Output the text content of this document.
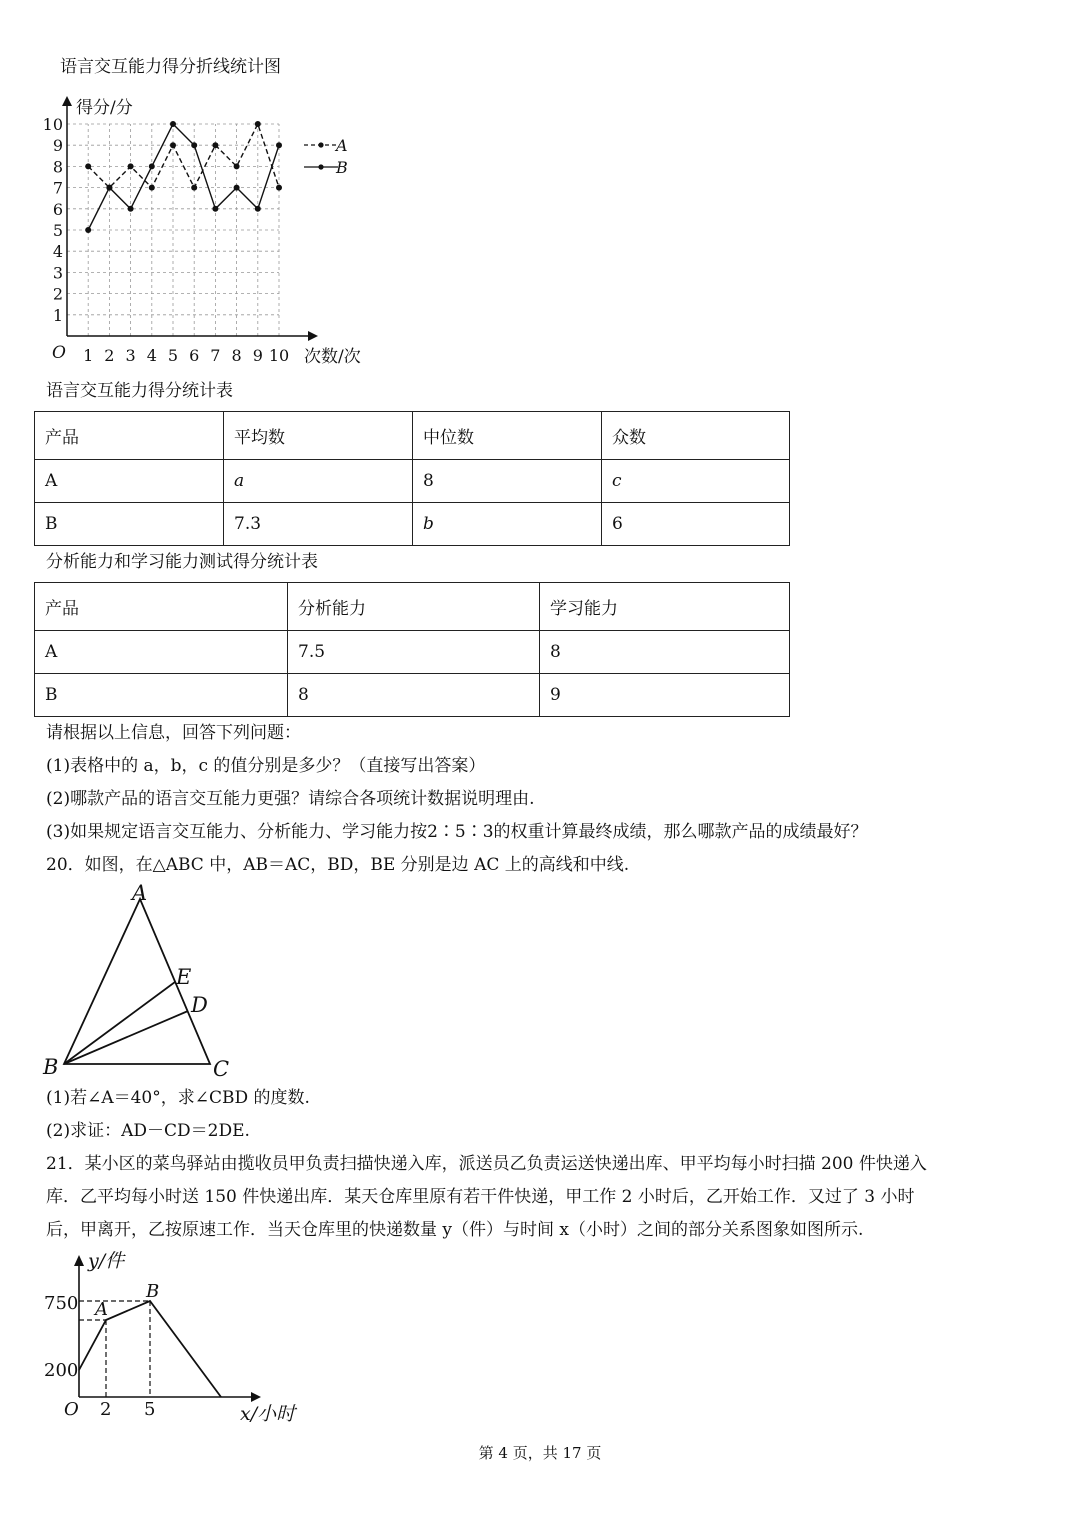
语言交互能力得分折线统计图
1 2 3 4 5 6 7 8 9 10
1
2
3
4
5
6
7
8
9
10
得分/分
次数/次
O
A
B
语言交互能力得分统计表
产品	平均数	中位数	众数
A	a	8	c
B	7.3	b	6
分析能力和学习能力测试得分统计表
产品	分析能力	学习能力
A	7.5	8
B	8	9
请根据以上信息，回答下列问题：
(1)表格中的 a，b，c 的值分别是多少？（直接写出答案）
(2)哪款产品的语言交互能力更强？请综合各项统计数据说明理由.
(3)如果规定语言交互能力、分析能力、学习能力按2∶5∶3的权重计算最终成绩，那么哪款产品的成绩最好？
20．如图，在△ABC 中，AB＝AC，BD，BE 分别是边 AC 上的高线和中线.
A
B	C
D
E
(1)若∠A＝40°，求∠CBD 的度数.
(2)求证：AD－CD＝2DE.
21．某小区的菜鸟驿站由揽收员甲负责扫描快递入库，派送员乙负责运送快递出库、甲平均每小时扫描 200 件快递入
库．乙平均每小时送 150 件快递出库．某天仓库里原有若干件快递，甲工作 2 小时后，乙开始工作．又过了 3 小时
后，甲离开，乙按原速工作．当天仓库里的快递数量 y（件）与时间 x（小时）之间的部分关系图象如图所示.
y/件
x/小时
O
750
200
2 5
A
B
第 4 页，共 17 页
